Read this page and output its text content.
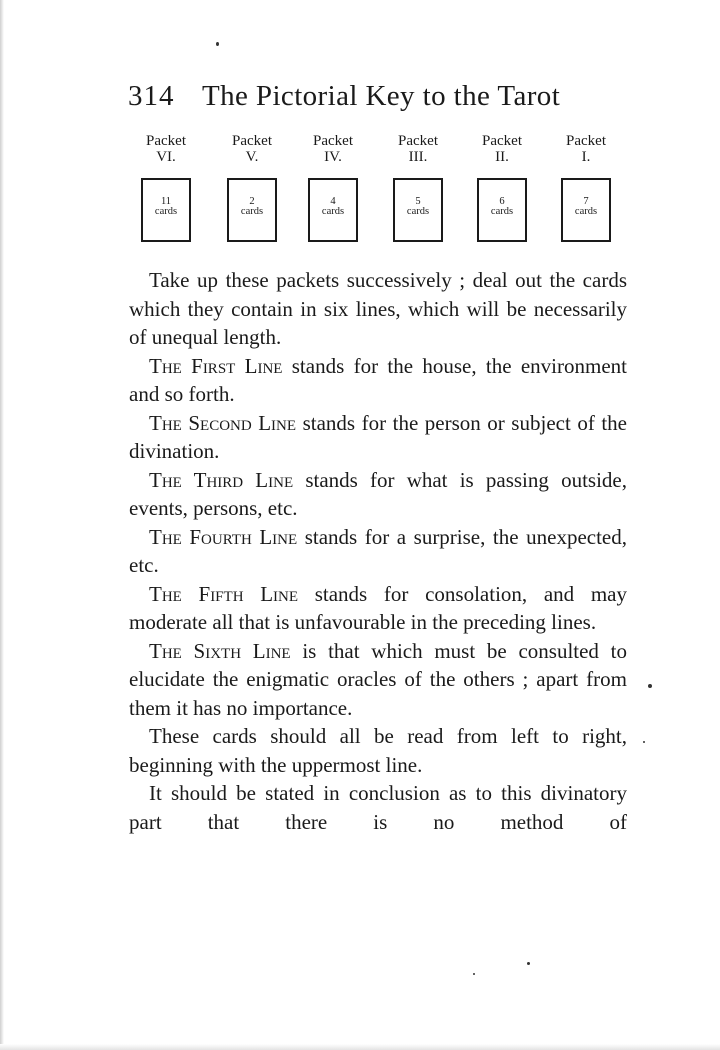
314 The Pictorial Key to the Tarot
Packet
VI.
11
cards
Packet
V.
2
cards
Packet
IV.
4
cards
Packet
III.
5
cards
Packet
II.
6
cards
Packet
I.
7
cards

Take up these packets successively ; deal out the cards which they contain in six lines, which will be necessarily of unequal length.

The First Line stands for the house, the environment and so forth.

The Second Line stands for the person or subject of the divination.

The Third Line stands for what is passing outside, events, persons, etc.

The Fourth Line stands for a surprise, the unexpected, etc.

The Fifth Line stands for consolation, and may moderate all that is unfavourable in the preceding lines.

The Sixth Line is that which must be consulted to elucidate the enigmatic oracles of the others ; apart from them it has no importance.

These cards should all be read from left to right, beginning with the uppermost line.

It should be stated in conclusion as to this divinatory part that there is no method of
